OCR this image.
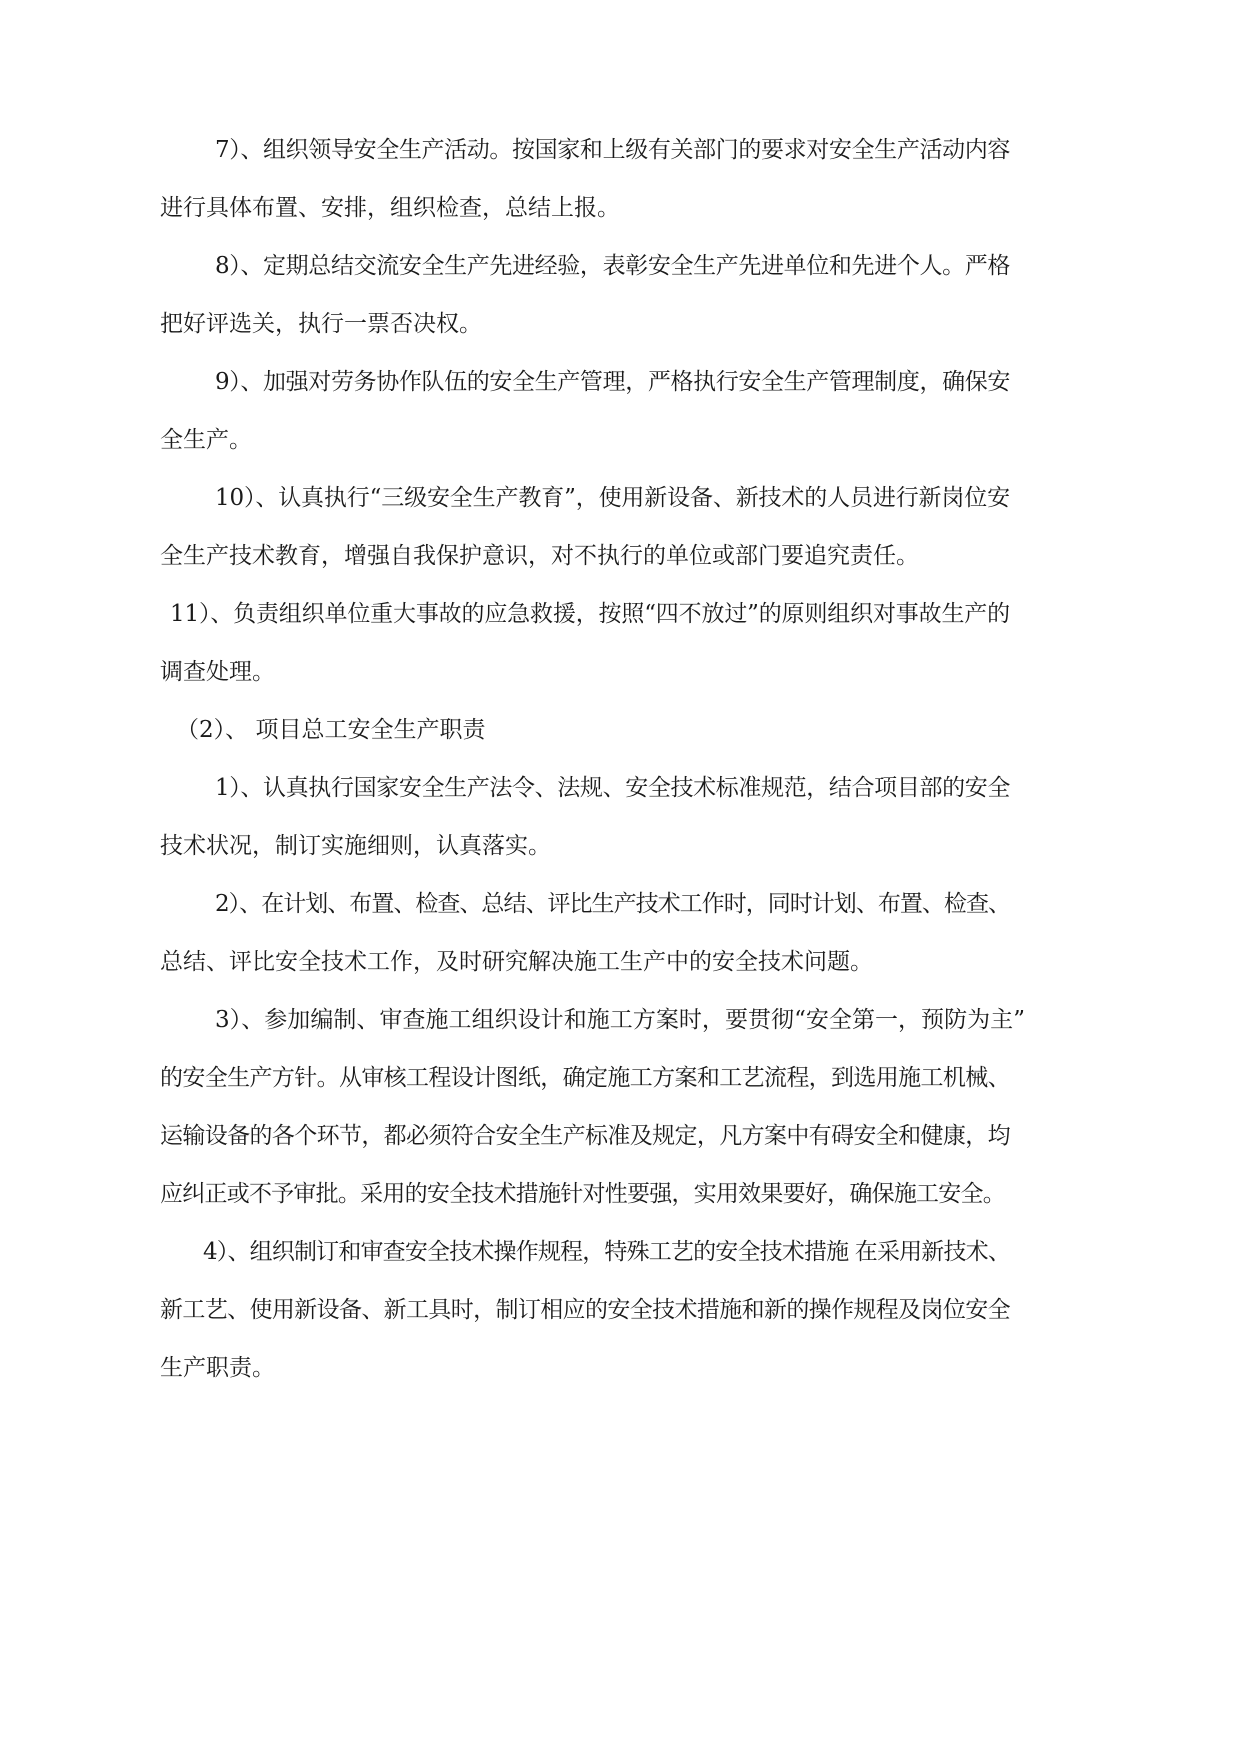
7）、组织领导安全生产活动。按国家和上级有关部门的要求对安全生产活动内容
进行具体布置、安排，组织检查，总结上报。
8）、定期总结交流安全生产先进经验，表彰安全生产先进单位和先进个人。严格
把好评选关，执行一票否决权。
9）、加强对劳务协作队伍的安全生产管理，严格执行安全生产管理制度，确保安
全生产。
10）、认真执行“三级安全生产教育”，使用新设备、新技术的人员进行新岗位安
全生产技术教育，增强自我保护意识，对不执行的单位或部门要追究责任。
11）、负责组织单位重大事故的应急救援，按照“四不放过”的原则组织对事故生产的
调查处理。
（2）、 项目总工安全生产职责
1）、认真执行国家安全生产法令、法规、安全技术标准规范，结合项目部的安全
技术状况，制订实施细则，认真落实。
2）、在计划、布置、检查、总结、评比生产技术工作时，同时计划、布置、检查、
总结、评比安全技术工作，及时研究解决施工生产中的安全技术问题。
3）、参加编制、审查施工组织设计和施工方案时，要贯彻“安全第一，预防为主”
的安全生产方针。从审核工程设计图纸，确定施工方案和工艺流程，到选用施工机械、
运输设备的各个环节，都必须符合安全生产标准及规定，凡方案中有碍安全和健康，均
应纠正或不予审批。采用的安全技术措施针对性要强，实用效果要好，确保施工安全。
4）、组织制订和审查安全技术操作规程，特殊工艺的安全技术措施 在采用新技术、
新工艺、使用新设备、新工具时，制订相应的安全技术措施和新的操作规程及岗位安全
生产职责。
